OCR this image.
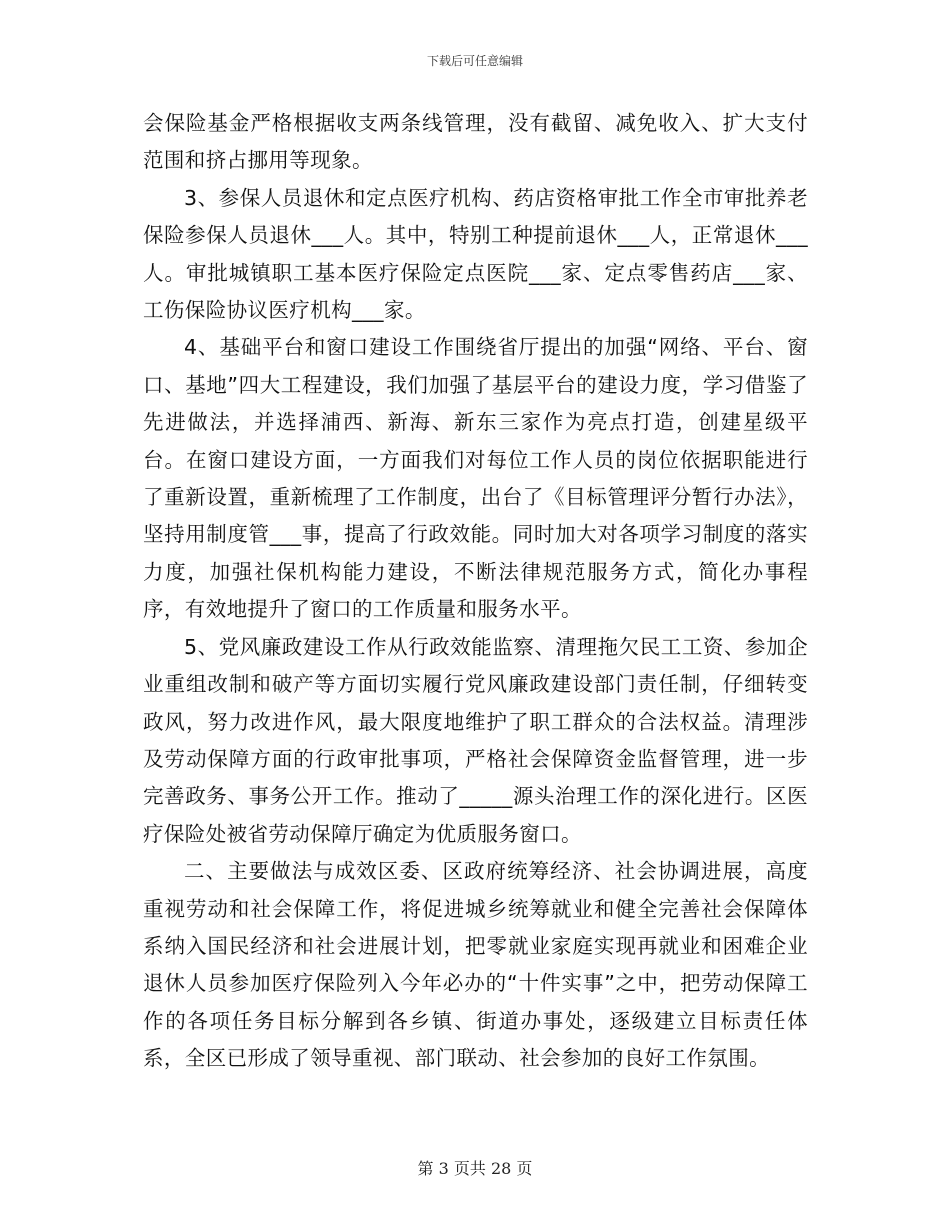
下载后可任意编辑

会保险基金严格根据收支两条线管理，没有截留、减免收入、扩大支付范围和挤占挪用等现象。

3、参保人员退休和定点医疗机构、药店资格审批工作全市审批养老保险参保人员退休___人。其中，特别工种提前退休___人，正常退休___人。审批城镇职工基本医疗保险定点医院___家、定点零售药店___家、工伤保险协议医疗机构___家。

4、基础平台和窗口建设工作围绕省厅提出的加强“网络、平台、窗口、基地”四大工程建设，我们加强了基层平台的建设力度，学习借鉴了先进做法，并选择浦西、新海、新东三家作为亮点打造，创建星级平台。在窗口建设方面，一方面我们对每位工作人员的岗位依据职能进行了重新设置，重新梳理了工作制度，出台了《目标管理评分暂行办法》，坚持用制度管___事，提高了行政效能。同时加大对各项学习制度的落实力度，加强社保机构能力建设，不断法律规范服务方式，简化办事程序，有效地提升了窗口的工作质量和服务水平。

5、党风廉政建设工作从行政效能监察、清理拖欠民工工资、参加企业重组改制和破产等方面切实履行党风廉政建设部门责任制，仔细转变政风，努力改进作风，最大限度地维护了职工群众的合法权益。清理涉及劳动保障方面的行政审批事项，严格社会保障资金监督管理，进一步完善政务、事务公开工作。推动了_____源头治理工作的深化进行。区医疗保险处被省劳动保障厅确定为优质服务窗口。

二、主要做法与成效区委、区政府统筹经济、社会协调进展，高度重视劳动和社会保障工作，将促进城乡统筹就业和健全完善社会保障体系纳入国民经济和社会进展计划，把零就业家庭实现再就业和困难企业退休人员参加医疗保险列入今年必办的“十件实事”之中，把劳动保障工作的各项任务目标分解到各乡镇、街道办事处，逐级建立目标责任体系，全区已形成了领导重视、部门联动、社会参加的良好工作氛围。

第 3 页共 28 页
